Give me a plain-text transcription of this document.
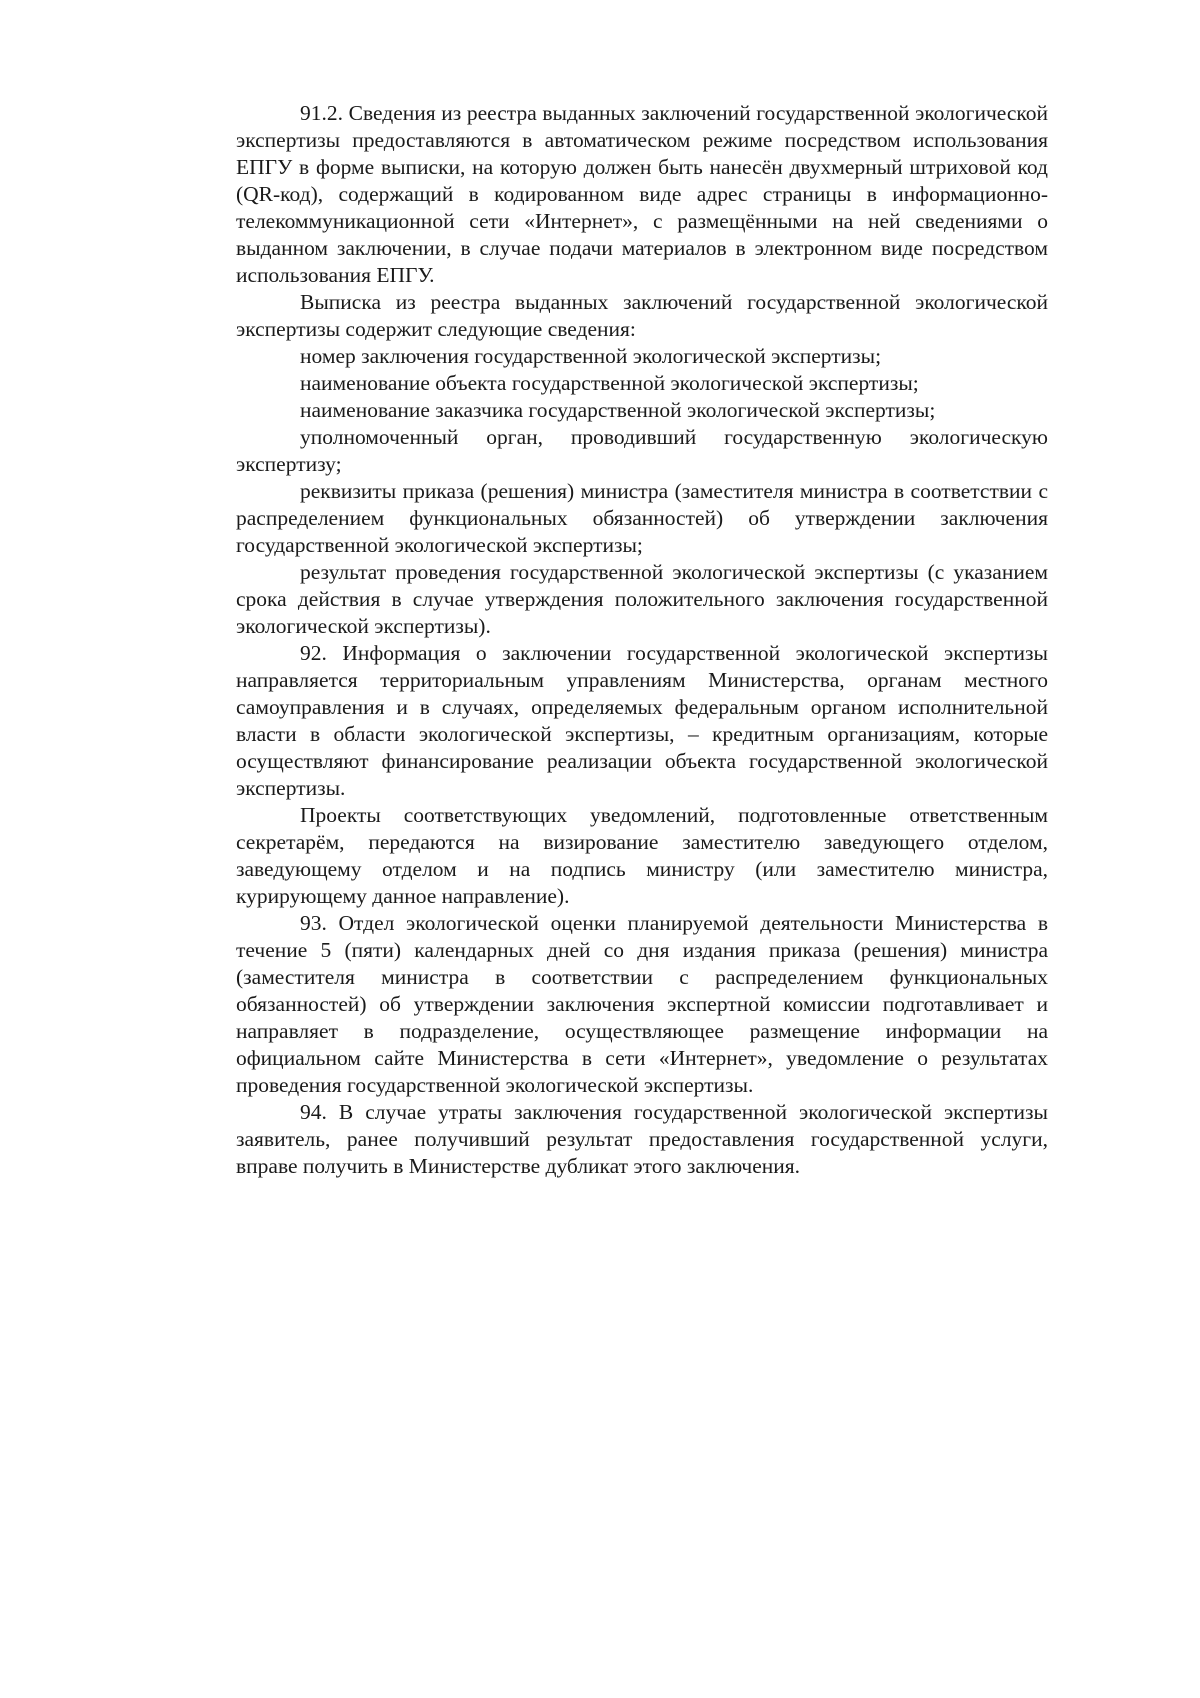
91.2. Сведения из реестра выданных заключений государственной экологической экспертизы предоставляются в автоматическом режиме посредством использования ЕПГУ в форме выписки, на которую должен быть нанесён двухмерный штриховой код (QR-код), содержащий в кодированном виде адрес страницы в информационно-телекоммуникационной сети «Интернет», с размещёнными на ней сведениями о выданном заключении, в случае подачи материалов в электронном виде посредством использования ЕПГУ.

Выписка из реестра выданных заключений государственной экологической экспертизы содержит следующие сведения:

номер заключения государственной экологической экспертизы;

наименование объекта государственной экологической экспертизы;

наименование заказчика государственной экологической экспертизы;

уполномоченный орган, проводивший государственную экологическую экспертизу;

реквизиты приказа (решения) министра (заместителя министра в соответствии с распределением функциональных обязанностей) об утверждении заключения государственной экологической экспертизы;

результат проведения государственной экологической экспертизы (с указанием срока действия в случае утверждения положительного заключения государственной экологической экспертизы).

92. Информация о заключении государственной экологической экспертизы направляется территориальным управлениям Министерства, органам местного самоуправления и в случаях, определяемых федеральным органом исполнительной власти в области экологической экспертизы, – кредитным организациям, которые осуществляют финансирование реализации объекта государственной экологической экспертизы.

Проекты соответствующих уведомлений, подготовленные ответственным секретарём, передаются на визирование заместителю заведующего отделом, заведующему отделом и на подпись министру (или заместителю министра, курирующему данное направление).

93. Отдел экологической оценки планируемой деятельности Министерства в течение 5 (пяти) календарных дней со дня издания приказа (решения) министра (заместителя министра в соответствии с распределением функциональных обязанностей) об утверждении заключения экспертной комиссии подготавливает и направляет в подразделение, осуществляющее размещение информации на официальном сайте Министерства в сети «Интернет», уведомление о результатах проведения государственной экологической экспертизы.

94. В случае утраты заключения государственной экологической экспертизы заявитель, ранее получивший результат предоставления государственной услуги, вправе получить в Министерстве дубликат этого заключения.
